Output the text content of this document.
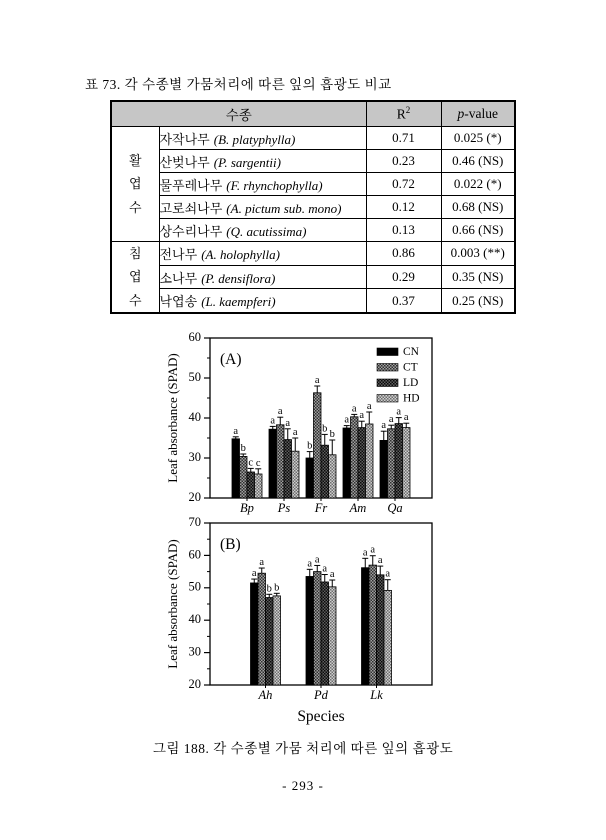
표 73. 각 수종별 가뭄처리에 따른 잎의 흡광도 비교
수종		$R^2$	p-value

활엽수	자작나무 (B. platyphylla)	0.71	0.025 (*)
	산벚나무 (P. sargentii)	0.23	0.46 (NS)
	물푸레나무 (F. rhynchophylla)	0.72	0.022 (*)
	고로쇠나무 (A. pictum sub. mono)	0.12	0.68 (NS)
	상수리나무 (Q. acutissima)	0.13	0.66 (NS)

침엽수	전나무 (A. holophylla)	0.86	0.003 (**)
	소나무 (P. densiflora)	0.29	0.35 (NS)
	낙엽송 (L. kaempferi)	0.37	0.25 (NS)
20
30
40
50
60
Bp
a
b
c c
Ps
a
a
a
a
Fr
b
a
b
b
Am
a
a
a
a
Qa
a
a
a
a
(A)
Leaf absorbance (SPAD)
CN
CT
LD
HD
20
30
40
50
60
70
Ah
a
a
b b
Pd
a a
a
a
Lk
a a
a
a
(B)
Leaf absorbance (SPAD)
Species
그림 188. 각 수종별 가뭄 처리에 따른 잎의 흡광도
- 293 -
